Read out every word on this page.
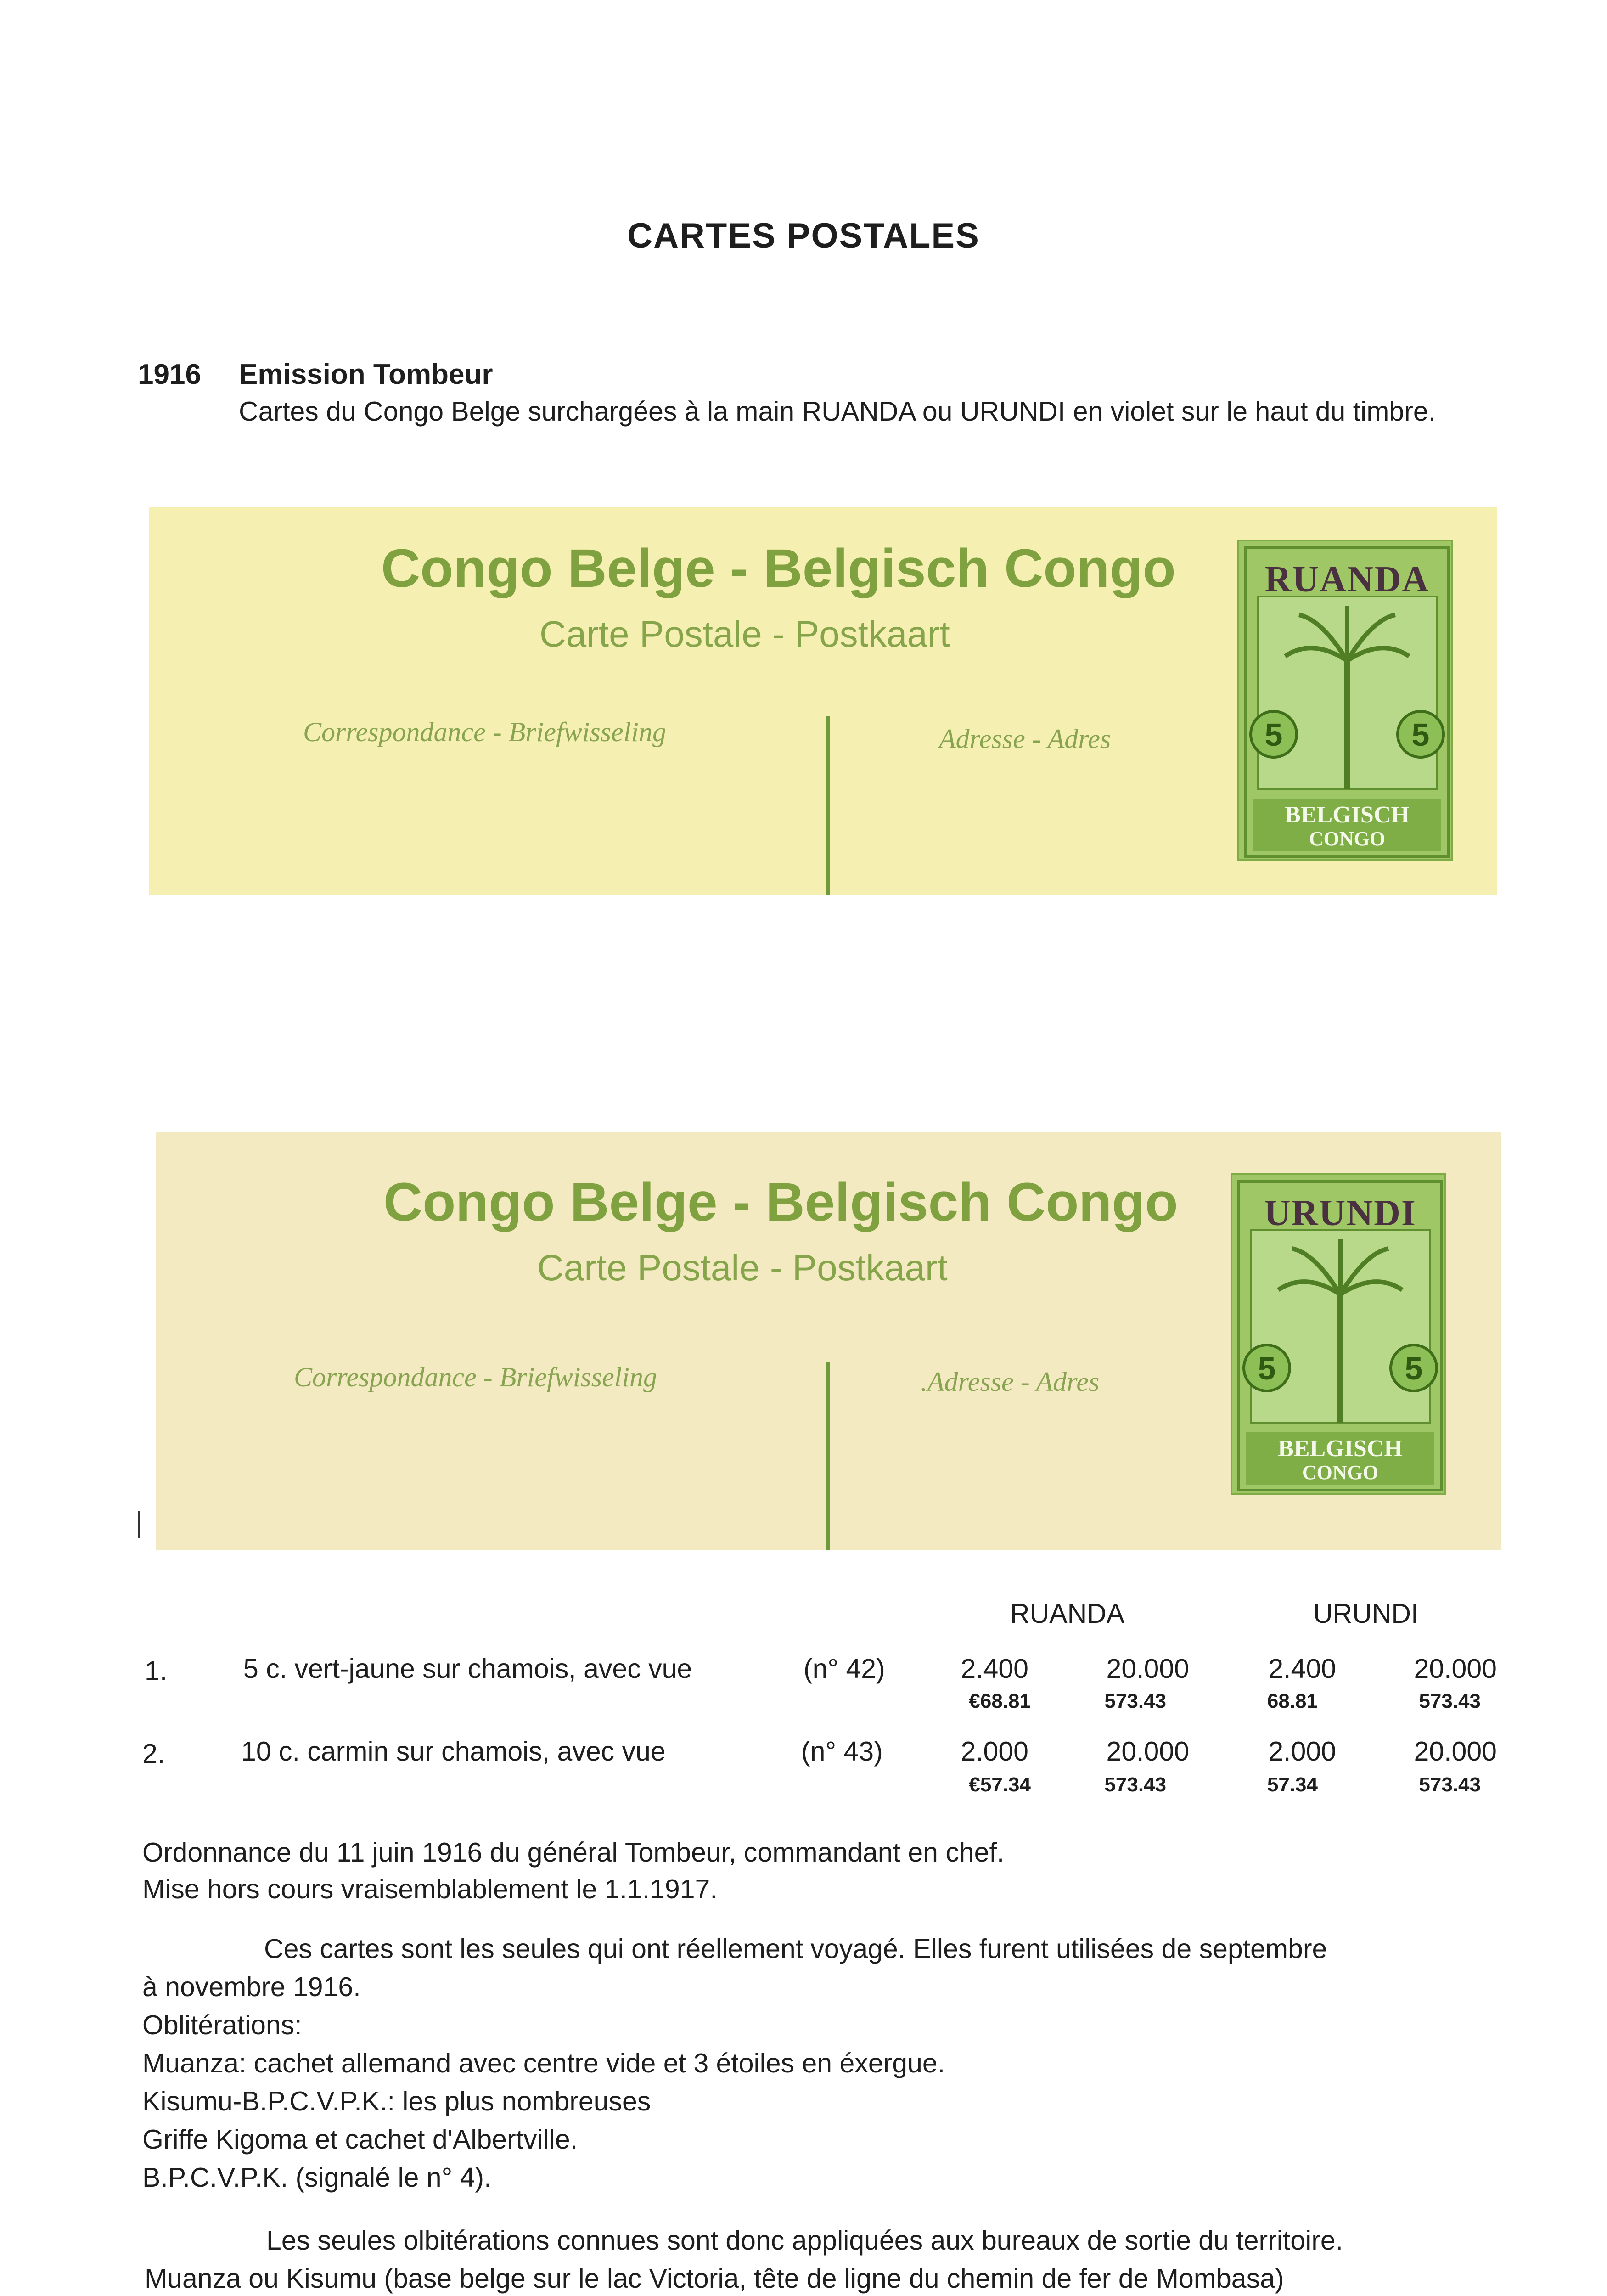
CARTES POSTALES
1916 Emission Tombeur
Cartes du Congo Belge surchargées à la main RUANDA ou URUNDI en violet sur le haut du timbre.
Congo Belge - Belgisch Congo
Carte Postale - Postkaart
Correspondance - Briefwisseling	Adresse - Adres	5	5
BELGISCH
CONGO
RUANDA
Congo Belge - Belgisch Congo
Carte Postale - Postkaart
Correspondance - Briefwisseling	.Adresse - Adres	5	5
BELGISCH
CONGO
URUNDI
RUANDA	URUNDI
1.	5 c. vert-jaune sur chamois, avec vue	(n° 42)	2.400	20.000	2.400	20.000
€68.81	573.43	68.81	573.43
2.	10 c. carmin sur chamois, avec vue	(n° 43)	2.000	20.000	2.000	20.000
€57.34	573.43	57.34	573.43
Ordonnance du 11 juin 1916 du général Tombeur, commandant en chef.
Mise hors cours vraisemblablement le 1.1.1917.
Ces cartes sont les seules qui ont réellement voyagé. Elles furent utilisées de septembre
à novembre 1916.
Oblitérations:
Muanza: cachet allemand avec centre vide et 3 étoiles en éxergue.
Kisumu-B.P.C.V.P.K.: les plus nombreuses
Griffe Kigoma et cachet d'Albertville.
B.P.C.V.P.K. (signalé le n° 4).
Les seules olbitérations connues sont donc appliquées aux bureaux de sortie du territoire.
Muanza ou Kisumu (base belge sur le lac Victoria, tête de ligne du chemin de fer de Mombasa)
